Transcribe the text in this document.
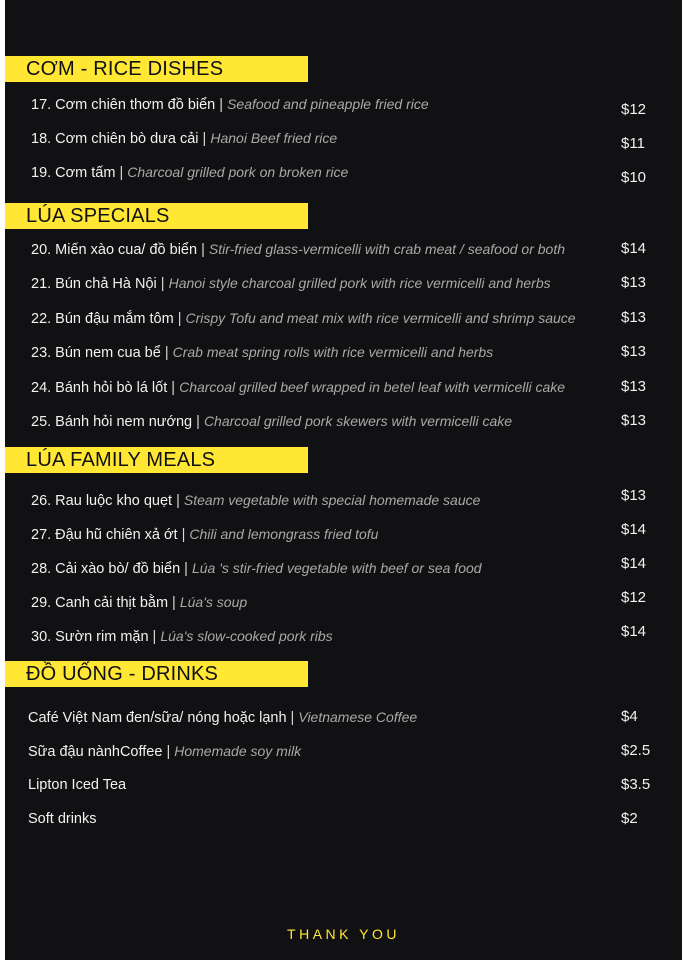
CƠM - RICE DISHES
17. Cơm chiên thơm đồ biển | Seafood and pineapple fried rice	$12
18. Cơm chiên bò dưa cải | Hanoi Beef fried rice	$11
19. Cơm tấm | Charcoal grilled pork on broken rice	$10
LÚA SPECIALS
20. Miến xào cua/ đồ biển | Stir-fried glass-vermicelli with crab meat / seafood or both	$14
21. Bún chả Hà Nội | Hanoi style charcoal grilled pork with rice vermicelli and herbs	$13
22. Bún đậu mắm tôm | Crispy Tofu and meat mix with rice vermicelli and shrimp sauce	$13
23. Bún nem cua bể | Crab meat spring rolls with rice vermicelli and herbs	$13
24. Bánh hỏi bò lá lốt | Charcoal grilled beef wrapped in betel leaf with vermicelli cake	$13
25. Bánh hỏi nem nướng | Charcoal grilled pork skewers with vermicelli cake	$13
LÚA FAMILY MEALS
26. Rau luộc kho quẹt | Steam vegetable with special homemade sauce	$13
27. Đậu hũ chiên xả ớt | Chili and lemongrass fried tofu	$14
28. Cải xào bò/ đồ biển | Lúa 's stir-fried vegetable with beef or sea food	$14
29. Canh cải thịt bằm | Lúa's soup	$12
30. Sườn rim mặn | Lúa's slow-cooked pork ribs	$14
ĐỒ UỐNG - DRINKS
Café Việt Nam đen/sữa/ nóng hoặc lạnh | Vietnamese Coffee	$4
Sữa đậu nànhCoffee | Homemade soy milk	$2.5
Lipton Iced Tea	$3.5
Soft drinks	$2
THANK YOU
